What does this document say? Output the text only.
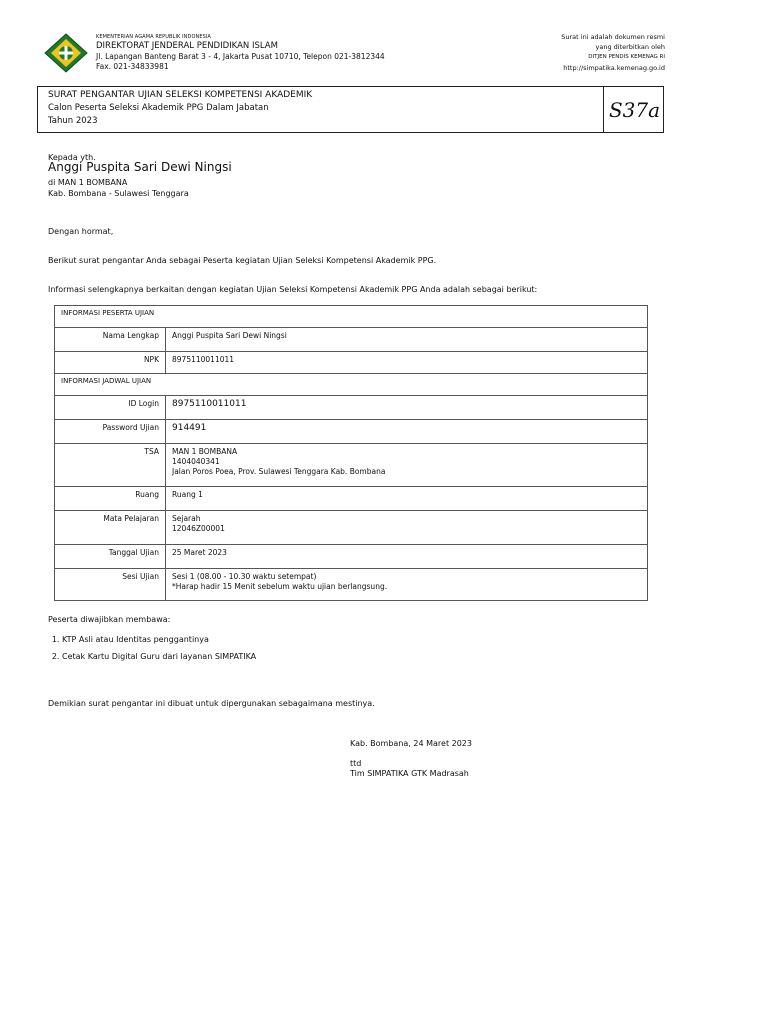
KEMENTERIAN AGAMA REPUBLIK INDONESIA
DIREKTORAT JENDERAL PENDIDIKAN ISLAM
Jl. Lapangan Banteng Barat 3 - 4, Jakarta Pusat 10710, Telepon 021-3812344
Fax. 021-34833981
Surat ini adalah dokumen resmi
yang diterbitkan oleh
DITJEN PENDIS KEMENAG RI
http://simpatika.kemenag.go.id
SURAT PENGANTAR UJIAN SELEKSI KOMPETENSI AKADEMIK
Calon Peserta Seleksi Akademik PPG Dalam Jabatan
Tahun 2023	S37a
Kepada yth.
Anggi Puspita Sari Dewi Ningsi
di MAN 1 BOMBANA
Kab. Bombana - Sulawesi Tenggara
Dengan hormat,
Berikut surat pengantar Anda sebagai Peserta kegiatan Ujian Seleksi Kompetensi Akademik PPG.
Informasi selengkapnya berkaitan dengan kegiatan Ujian Seleksi Kompetensi Akademik PPG Anda adalah sebagai berikut:
INFORMASI PESERTA UJIAN	
Nama Lengkap	Anggi Puspita Sari Dewi Ningsi
NPK	8975110011011
INFORMASI JADWAL UJIAN	
ID Login	8975110011011
Password Ujian	914491
TSA	MAN 1 BOMBANA
1404040341
Jalan Poros Poea, Prov. Sulawesi Tenggara Kab. Bombana

Ruang	Ruang 1
Mata Pelajaran	Sejarah
12046Z00001

Tanggal Ujian	25 Maret 2023
Sesi Ujian	Sesi 1 (08.00 - 10.30 waktu setempat)
*Harap hadir 15 Menit sebelum waktu ujian berlangsung.
Peserta diwajibkan membawa:
1. KTP Asli atau Identitas penggantinya
2. Cetak Kartu Digital Guru dari layanan SIMPATIKA
Demikian surat pengantar ini dibuat untuk dipergunakan sebagaimana mestinya.
Kab. Bombana, 24 Maret 2023
ttd
Tim SIMPATIKA GTK Madrasah
